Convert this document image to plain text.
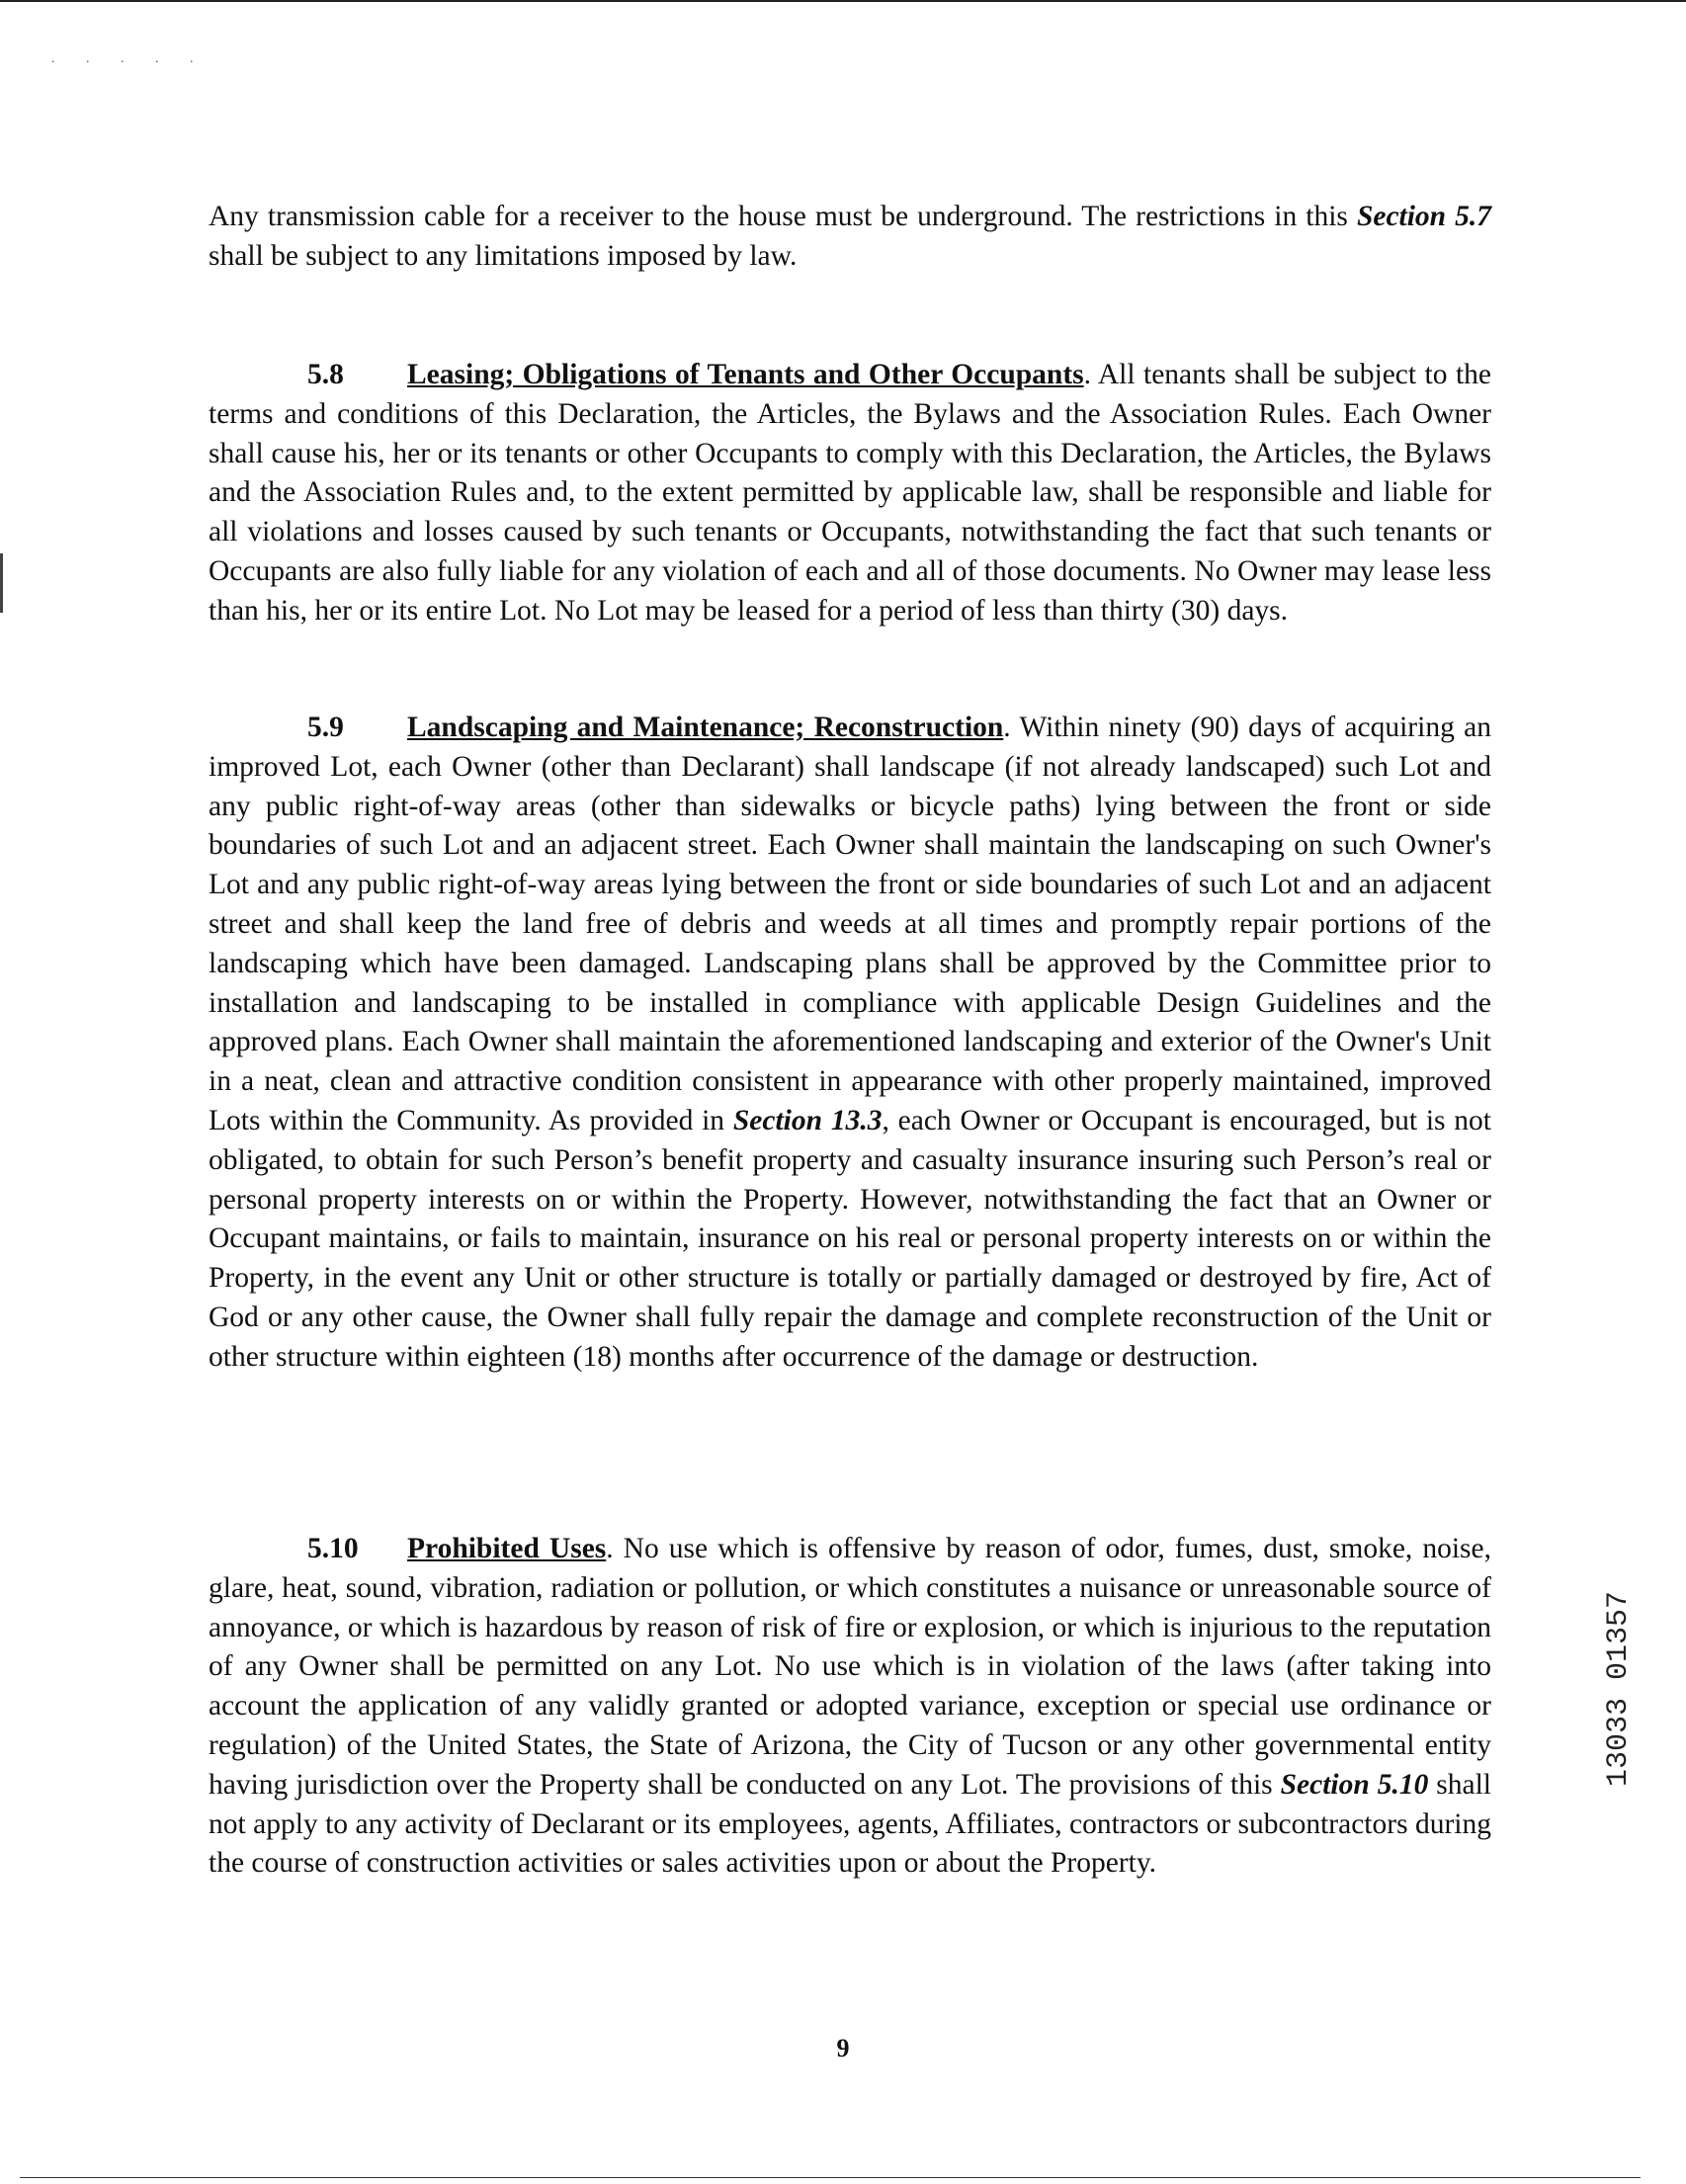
. . . . .

Any transmission cable for a receiver to the house must be underground. The restrictions in this Section 5.7 shall be subject to any limitations imposed by law.

5.8 Leasing; Obligations of Tenants and Other Occupants. All tenants shall be subject to the terms and conditions of this Declaration, the Articles, the Bylaws and the Association Rules. Each Owner shall cause his, her or its tenants or other Occupants to comply with this Declaration, the Articles, the Bylaws and the Association Rules and, to the extent permitted by applicable law, shall be responsible and liable for all violations and losses caused by such tenants or Occupants, notwithstanding the fact that such tenants or Occupants are also fully liable for any violation of each and all of those documents. No Owner may lease less than his, her or its entire Lot. No Lot may be leased for a period of less than thirty (30) days.

5.9 Landscaping and Maintenance; Reconstruction. Within ninety (90) days of acquiring an improved Lot, each Owner (other than Declarant) shall landscape (if not already landscaped) such Lot and any public right-of-way areas (other than sidewalks or bicycle paths) lying between the front or side boundaries of such Lot and an adjacent street. Each Owner shall maintain the landscaping on such Owner's Lot and any public right-of-way areas lying between the front or side boundaries of such Lot and an adjacent street and shall keep the land free of debris and weeds at all times and promptly repair portions of the landscaping which have been damaged. Landscaping plans shall be approved by the Committee prior to installation and landscaping to be installed in compliance with applicable Design Guidelines and the approved plans. Each Owner shall maintain the aforementioned landscaping and exterior of the Owner's Unit in a neat, clean and attractive condition consistent in appearance with other properly maintained, improved Lots within the Community. As provided in Section 13.3, each Owner or Occupant is encouraged, but is not obligated, to obtain for such Person’s benefit property and casualty insurance insuring such Person’s real or personal property interests on or within the Property. However, notwithstanding the fact that an Owner or Occupant maintains, or fails to maintain, insurance on his real or personal property interests on or within the Property, in the event any Unit or other structure is totally or partially damaged or destroyed by fire, Act of God or any other cause, the Owner shall fully repair the damage and complete reconstruction of the Unit or other structure within eighteen (18) months after occurrence of the damage or destruction.

5.10 Prohibited Uses. No use which is offensive by reason of odor, fumes, dust, smoke, noise, glare, heat, sound, vibration, radiation or pollution, or which constitutes a nuisance or unreasonable source of annoyance, or which is hazardous by reason of risk of fire or explosion, or which is injurious to the reputation of any Owner shall be permitted on any Lot. No use which is in violation of the laws (after taking into account the application of any validly granted or adopted variance, exception or special use ordinance or regulation) of the United States, the State of Arizona, the City of Tucson or any other governmental entity having jurisdiction over the Property shall be conducted on any Lot. The provisions of this Section 5.10 shall not apply to any activity of Declarant or its employees, agents, Affiliates, contractors or subcontractors during the course of construction activities or sales activities upon or about the Property.

13033 01357
9
